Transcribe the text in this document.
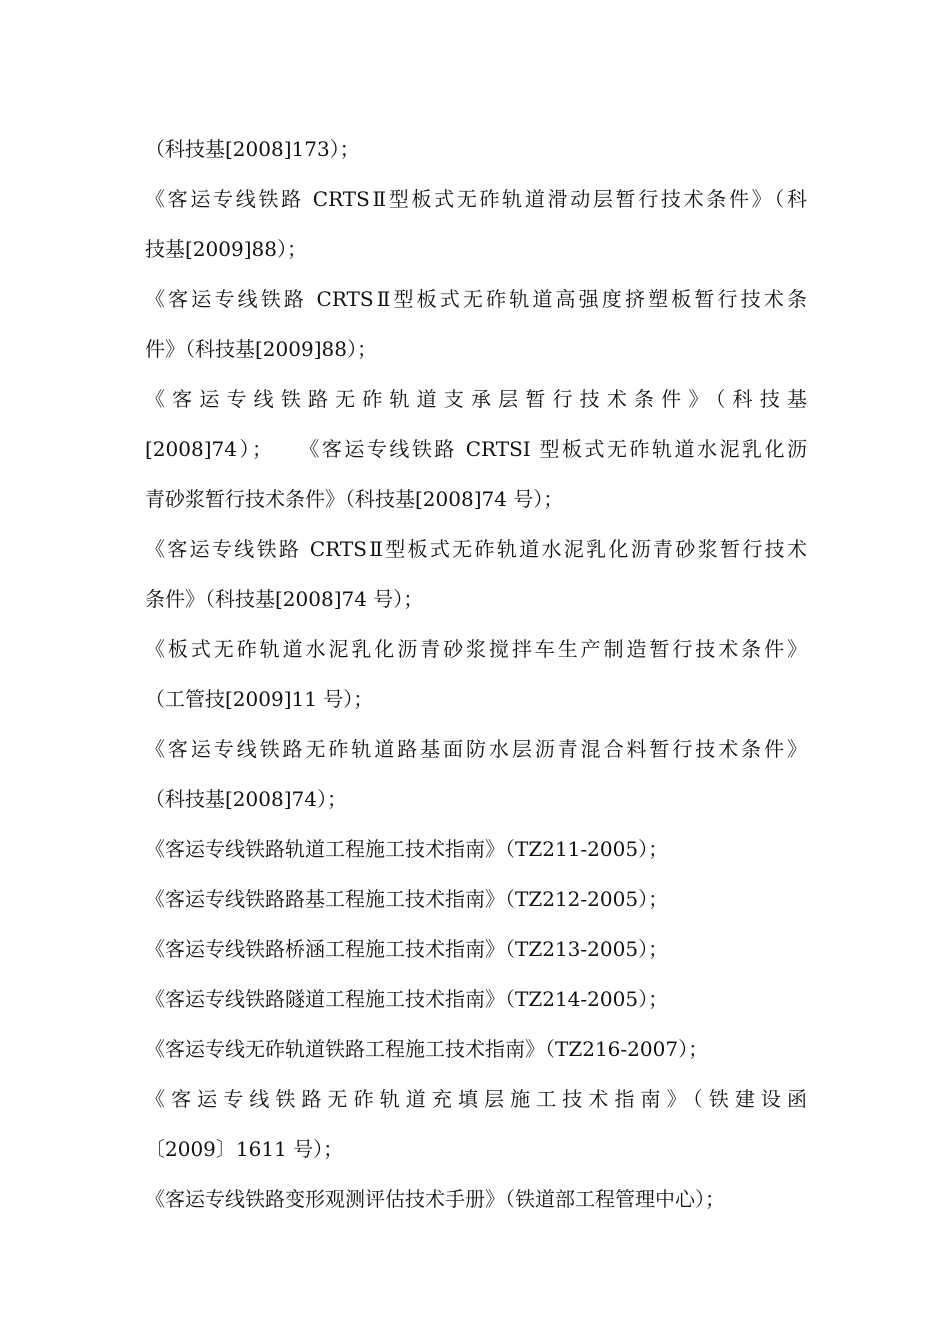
（科技基[2008]173）；
《客运专线铁路 CRTSⅡ型板式无砟轨道滑动层暂行技术条件》（科
技基[2009]88）；
《客运专线铁路 CRTSⅡ型板式无砟轨道高强度挤塑板暂行技术条
件》（科技基[2009]88）；
《客运专线铁路无砟轨道支承层暂行技术条件》（科技基
[2008]74）；　　《客运专线铁路 CRTSI 型板式无砟轨道水泥乳化沥
青砂浆暂行技术条件》（科技基[2008]74 号）；
《客运专线铁路 CRTSⅡ型板式无砟轨道水泥乳化沥青砂浆暂行技术
条件》（科技基[2008]74 号）；
《板式无砟轨道水泥乳化沥青砂浆搅拌车生产制造暂行技术条件》
（工管技[2009]11 号）；
《客运专线铁路无砟轨道路基面防水层沥青混合料暂行技术条件》
（科技基[2008]74）；
《客运专线铁路轨道工程施工技术指南》（TZ211-2005）；
《客运专线铁路路基工程施工技术指南》（TZ212-2005）；
《客运专线铁路桥涵工程施工技术指南》（TZ213-2005）；
《客运专线铁路隧道工程施工技术指南》（TZ214-2005）；
《客运专线无砟轨道铁路工程施工技术指南》（TZ216-2007）；
《客运专线铁路无砟轨道充填层施工技术指南》（铁建设函
〔2009〕1611 号）；
《客运专线铁路变形观测评估技术手册》（铁道部工程管理中心）；
